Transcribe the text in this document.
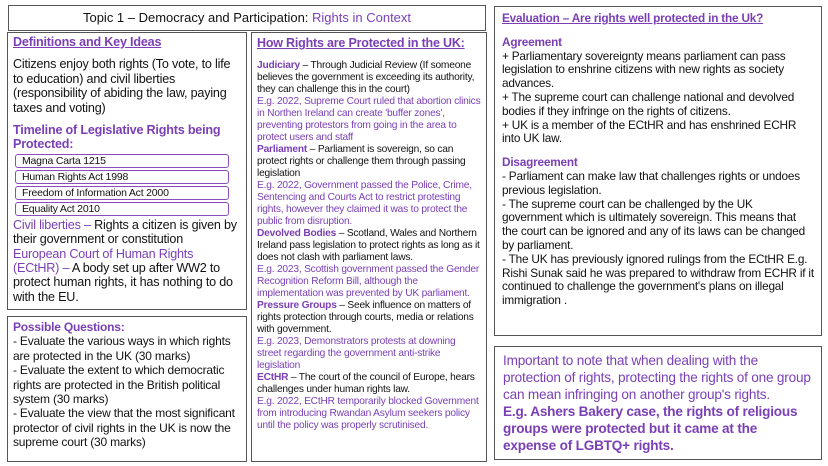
Topic 1 – Democracy and Participation: Rights in Context
Definitions and Key Ideas

Citizens enjoy both rights (To vote, to life to education) and civil liberties (responsibility of abiding the law, paying taxes and voting)

Timeline of Legislative Rights being Protected:
Magna Carta 1215
Human Rights Act 1998
Freedom of Information Act 2000
Equality Act 2010

Civil liberties – Rights a citizen is given by their government or constitution

European Court of Human Rights (ECtHR) – A body set up after WW2 to protect human rights, it has nothing to do with the EU.

Possible Questions:

- Evaluate the various ways in which rights are protected in the UK (30 marks)

- Evaluate the extent to which democratic rights are protected in the British political system (30 marks)

- Evaluate the view that the most significant protector of civil rights in the UK is now the supreme court (30 marks)

How Rights are Protected in the UK:

Judiciary – Through Judicial Review (If someone believes the government is exceeding its authority, they can challenge this in the court)

E.g. 2022, Supreme Court ruled that abortion clinics in Northen Ireland can create 'buffer zones', preventing protestors from going in the area to protect users and staff

Parliament – Parliament is sovereign, so can protect rights or challenge them through passing legislation

E.g. 2022, Government passed the Police, Crime, Sentencing and Courts Act to restrict protesting rights, however they claimed it was to protect the public from disruption.

Devolved Bodies – Scotland, Wales and Northern Ireland pass legislation to protect rights as long as it does not clash with parliament laws.

E.g. 2023, Scottish government passed the Gender Recognition Reform Bill, although the implementation was prevented by UK parliament.

Pressure Groups – Seek influence on matters of rights protection through courts, media or relations with government.

E.g. 2023, Demonstrators protests at downing street regarding the government anti-strike legislation

ECtHR – The court of the council of Europe, hears challenges under human rights law.

E.g. 2022, ECtHR temporarily blocked Government from introducing Rwandan Asylum seekers policy until the policy was properly scrutinised.

Evaluation – Are rights well protected in the Uk?
Agreement

+ Parliamentary sovereignty means parliament can pass legislation to enshrine citizens with new rights as society advances.

+ The supreme court can challenge national and devolved bodies if they infringe on the rights of citizens.

+ UK is a member of the ECtHR and has enshrined ECHR into UK law.

Disagreement

- Parliament can make law that challenges rights or undoes previous legislation.

- The supreme court can be challenged by the UK government which is ultimately sovereign. This means that the court can be ignored and any of its laws can be changed by parliament.

- The UK has previously ignored rulings from the ECtHR E.g. Rishi Sunak said he was prepared to withdraw from ECHR if it continued to challenge the government's plans on illegal immigration .

Important to note that when dealing with the protection of rights, protecting the rights of one group can mean infringing on another group's rights.

E.g. Ashers Bakery case, the rights of religious groups were protected but it came at the expense of LGBTQ+ rights.
